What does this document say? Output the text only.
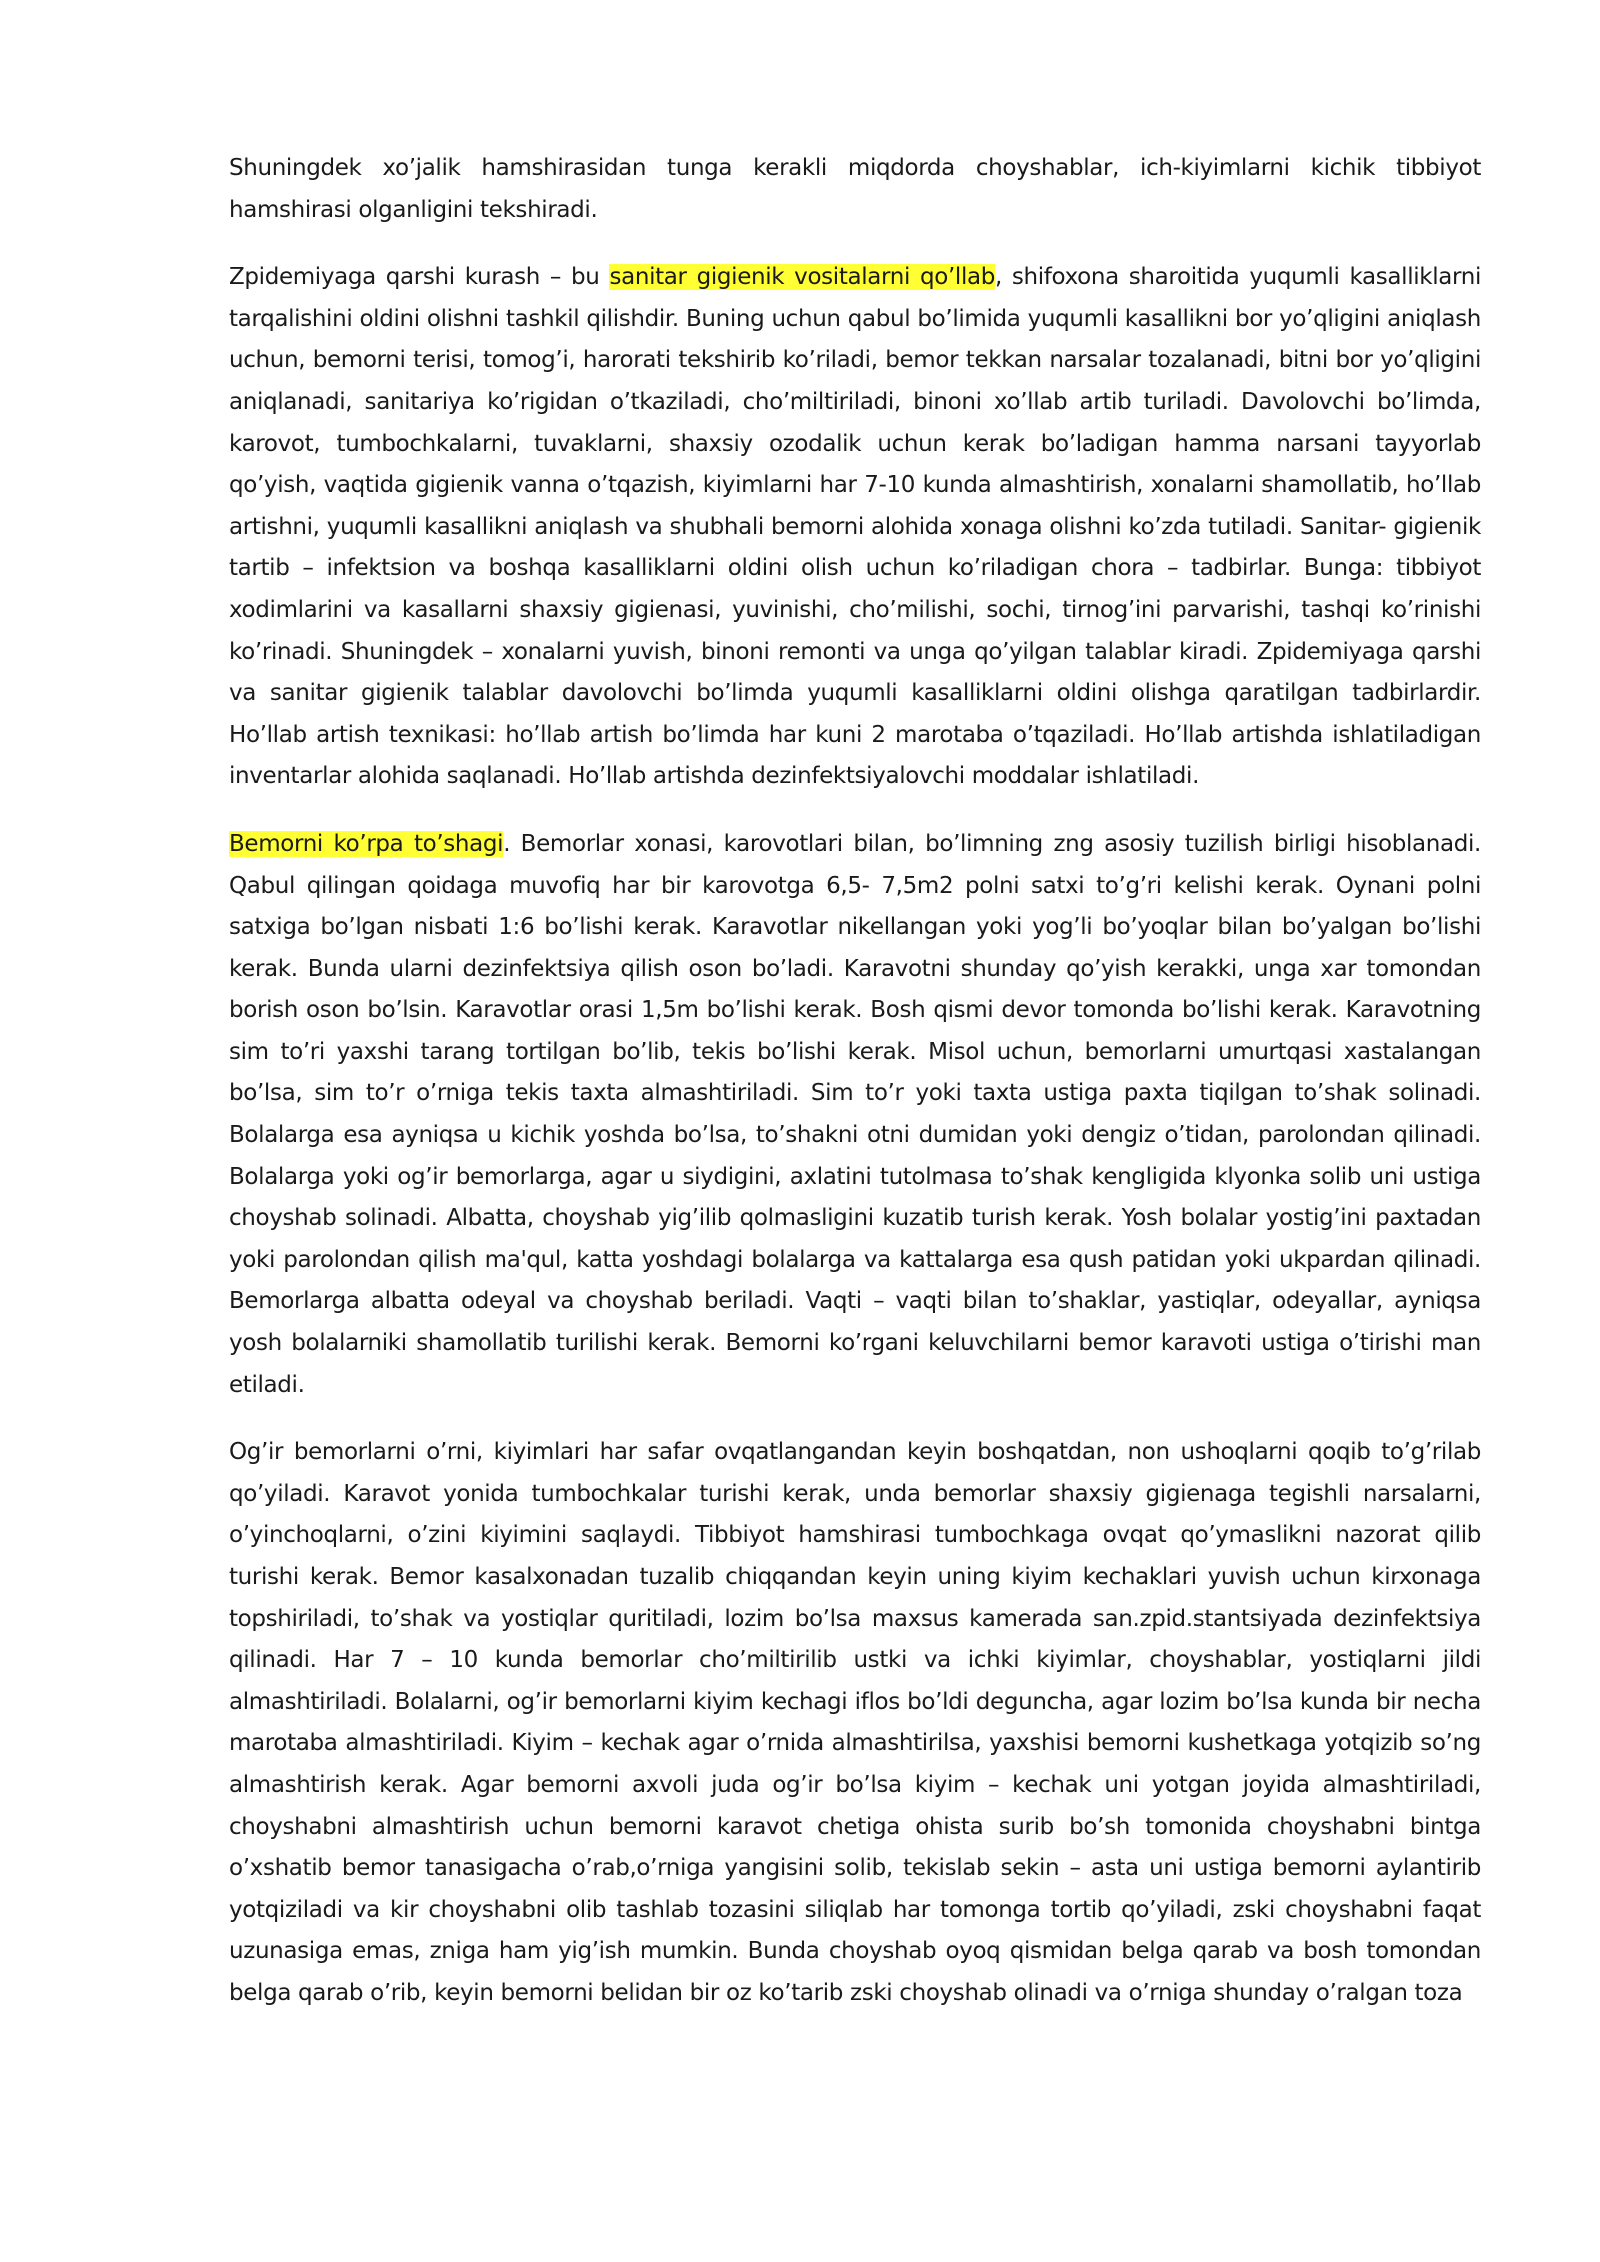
Shuningdek xo’jalik hamshirasidan tunga kerakli miqdorda choyshablar, ich-kiyimlarni kichik tibbiyot hamshirasi olganligini tekshiradi.

Zpidemiyaga qarshi kurash – bu sanitar gigienik vositalarni qo’llab, shifoxona sharoitida yuqumli kasalliklarni tarqalishini oldini olishni tashkil qilishdir. Buning uchun qabul bo’limida yuqumli kasallikni bor yo’qligini aniqlash uchun, bemorni terisi, tomog’i, harorati tekshirib ko’riladi, bemor tekkan narsalar tozalanadi, bitni bor yo’qligini aniqlanadi, sanitariya ko’rigidan o’tkaziladi, cho’miltiriladi, binoni xo’llab artib turiladi. Davolovchi bo’limda, karovot, tumbochkalarni, tuvaklarni, shaxsiy ozodalik uchun kerak bo’ladigan hamma narsani tayyorlab qo’yish, vaqtida gigienik vanna o’tqazish, kiyimlarni har 7-10 kunda almashtirish, xonalarni shamollatib, ho’llab artishni, yuqumli kasallikni aniqlash va shubhali bemorni alohida xonaga olishni ko’zda tutiladi. Sanitar- gigienik tartib – infektsion va boshqa kasalliklarni oldini olish uchun ko’riladigan chora – tadbirlar. Bunga: tibbiyot xodimlarini va kasallarni shaxsiy gigienasi, yuvinishi, cho’milishi, sochi, tirnog’ini parvarishi, tashqi ko’rinishi ko’rinadi. Shuningdek – xonalarni yuvish, binoni remonti va unga qo’yilgan talablar kiradi. Zpidemiyaga qarshi va sanitar gigienik talablar davolovchi bo’limda yuqumli kasalliklarni oldini olishga qaratilgan tadbirlardir. Ho’llab artish texnikasi: ho’llab artish bo’limda har kuni 2 marotaba o’tqaziladi. Ho’llab artishda ishlatiladigan inventarlar alohida saqlanadi. Ho’llab artishda dezinfektsiyalovchi moddalar ishlatiladi.

Bemorni ko’rpa to’shagi. Bemorlar xonasi, karovotlari bilan, bo’limning zng asosiy tuzilish birligi hisoblanadi. Qabul qilingan qoidaga muvofiq har bir karovotga 6,5- 7,5m2 polni satxi to’g’ri kelishi kerak. Oynani polni satxiga bo’lgan nisbati 1:6 bo’lishi kerak. Karavotlar nikellangan yoki yog’li bo’yoqlar bilan bo’yalgan bo’lishi kerak. Bunda ularni dezinfektsiya qilish oson bo’ladi. Karavotni shunday qo’yish kerakki, unga xar tomondan borish oson bo’lsin. Karavotlar orasi 1,5m bo’lishi kerak. Bosh qismi devor tomonda bo’lishi kerak. Karavotning sim to’ri yaxshi tarang tortilgan bo’lib, tekis bo’lishi kerak. Misol uchun, bemorlarni umurtqasi xastalangan bo’lsa, sim to’r o’rniga tekis taxta almashtiriladi. Sim to’r yoki taxta ustiga paxta tiqilgan to’shak solinadi. Bolalarga esa ayniqsa u kichik yoshda bo’lsa, to’shakni otni dumidan yoki dengiz o’tidan, parolondan qilinadi. Bolalarga yoki og’ir bemorlarga, agar u siydigini, axlatini tutolmasa to’shak kengligida klyonka solib uni ustiga choyshab solinadi. Albatta, choyshab yig’ilib qolmasligini kuzatib turish kerak. Yosh bolalar yostig’ini paxtadan yoki parolondan qilish ma'qul, katta yoshdagi bolalarga va kattalarga esa qush patidan yoki ukpardan qilinadi. Bemorlarga albatta odeyal va choyshab beriladi. Vaqti – vaqti bilan to’shaklar, yastiqlar, odeyallar, ayniqsa yosh bolalarniki shamollatib turilishi kerak. Bemorni ko’rgani keluvchilarni bemor karavoti ustiga o’tirishi man etiladi.

Og’ir bemorlarni o’rni, kiyimlari har safar ovqatlangandan keyin boshqatdan, non ushoqlarni qoqib to’g’rilab qo’yiladi. Karavot yonida tumbochkalar turishi kerak, unda bemorlar shaxsiy gigienaga tegishli narsalarni, o’yinchoqlarni, o’zini kiyimini saqlaydi. Tibbiyot hamshirasi tumbochkaga ovqat qo’ymaslikni nazorat qilib turishi kerak. Bemor kasalxonadan tuzalib chiqqandan keyin uning kiyim kechaklari yuvish uchun kirxonaga topshiriladi, to’shak va yostiqlar quritiladi, lozim bo’lsa maxsus kamerada san.zpid.stantsiyada dezinfektsiya qilinadi. Har 7 – 10 kunda bemorlar cho’miltirilib ustki va ichki kiyimlar, choyshablar, yostiqlarni jildi almashtiriladi. Bolalarni, og’ir bemorlarni kiyim kechagi iflos bo’ldi deguncha, agar lozim bo’lsa kunda bir necha marotaba almashtiriladi. Kiyim – kechak agar o’rnida almashtirilsa, yaxshisi bemorni kushetkaga yotqizib so’ng almashtirish kerak. Agar bemorni axvoli juda og’ir bo’lsa kiyim – kechak uni yotgan joyida almashtiriladi, choyshabni almashtirish uchun bemorni karavot chetiga ohista surib bo’sh tomonida choyshabni bintga o’xshatib bemor tanasigacha o’rab,o’rniga yangisini solib, tekislab sekin – asta uni ustiga bemorni aylantirib yotqiziladi va kir choyshabni olib tashlab tozasini siliqlab har tomonga tortib qo’yiladi, zski choyshabni faqat uzunasiga emas, zniga ham yig’ish mumkin. Bunda choyshab oyoq qismidan belga qarab va bosh tomondan belga qarab o’rib, keyin bemorni belidan bir oz ko’tarib zski choyshab olinadi va o’rniga shunday o’ralgan toza
